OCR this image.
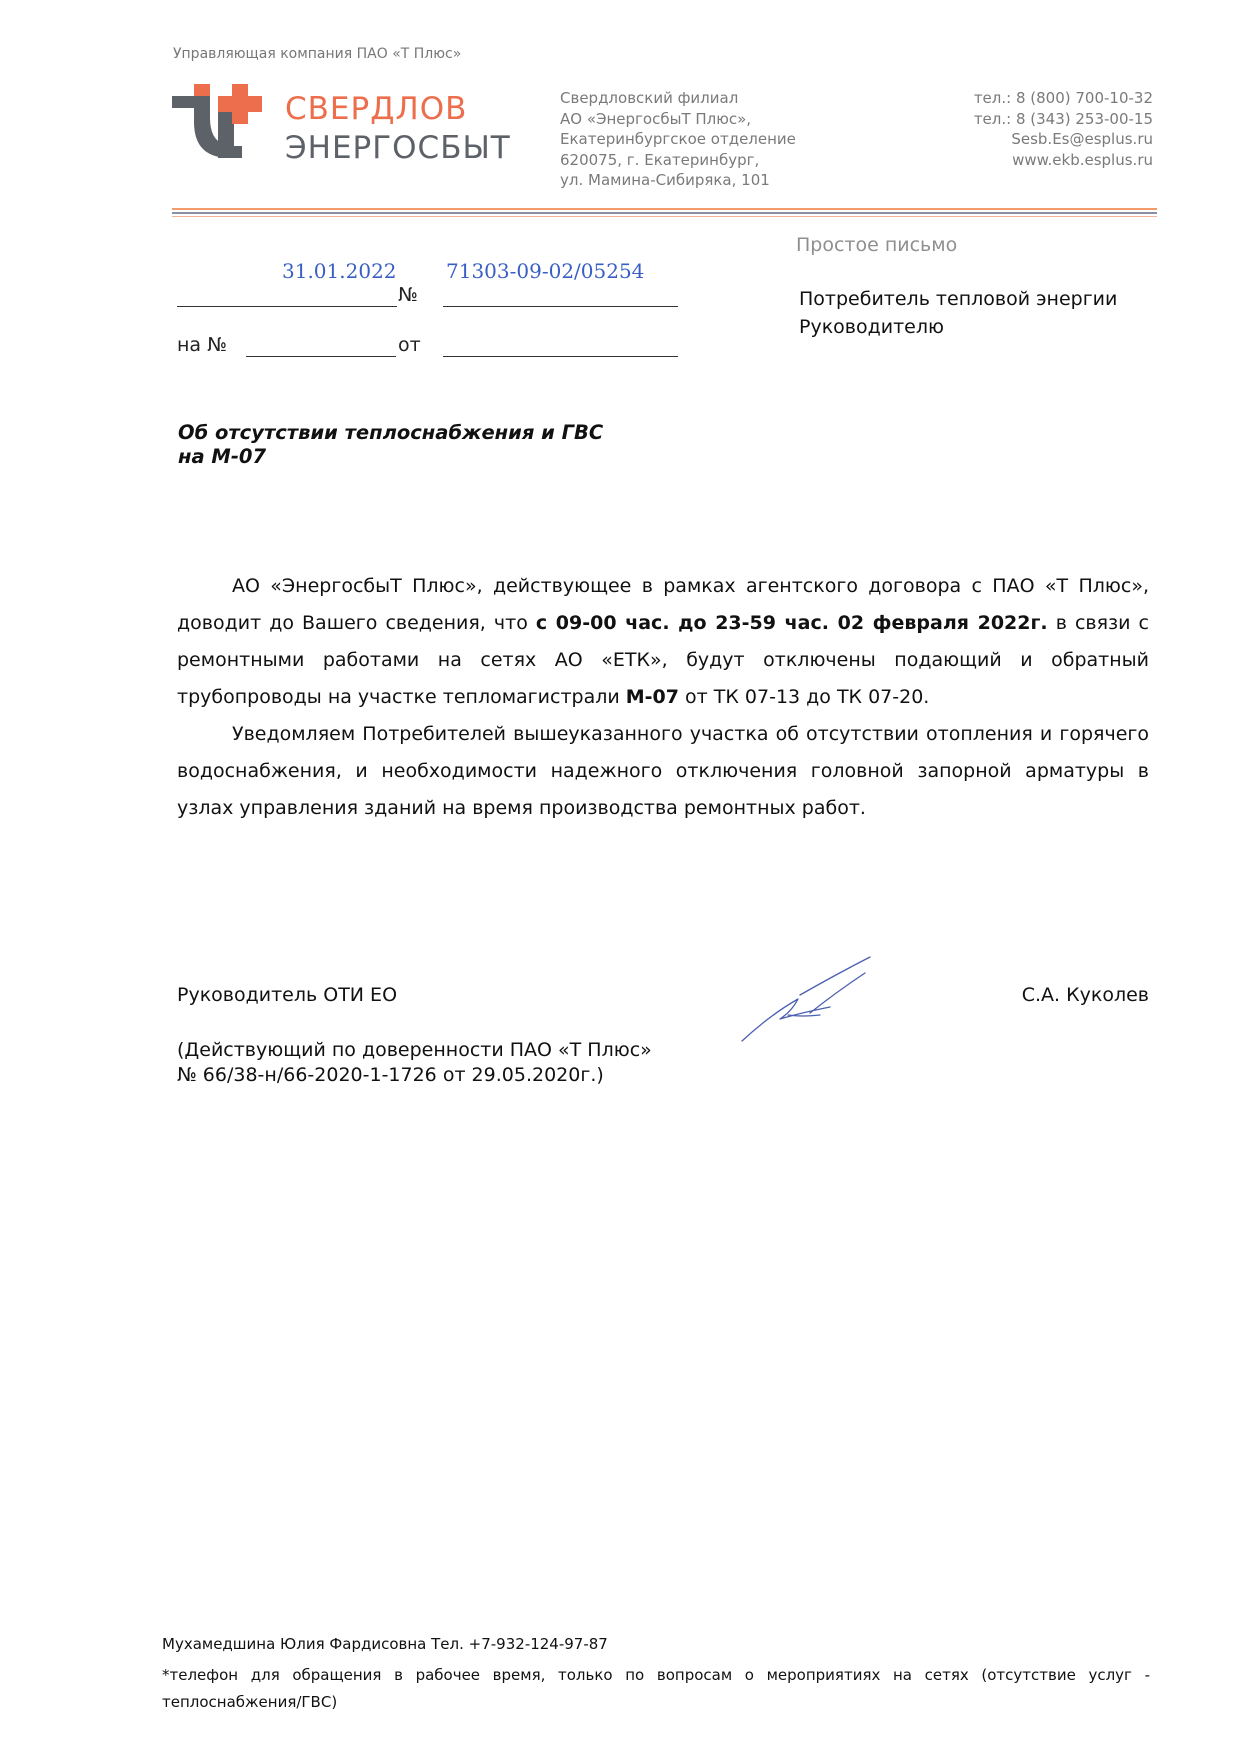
Управляющая компания ПАО «Т Плюс»
СВЕРДЛОВ
ЭНЕРГОСБЫТ
Свердловский филиал
АО «ЭнергосбыТ Плюс»,
Екатеринбургское отделение
620075, г. Екатеринбург,
ул. Мамина-Сибиряка, 101
тел.: 8 (800) 700-10-32
тел.: 8 (343) 253-00-15
Sesb.Es@esplus.ru
www.ekb.esplus.ru
Простое письмо
31.01.2022 71303-09-02/05254
№
на №	от
Потребитель тепловой энергии
Руководителю
Об отсутствии теплоснабжения и ГВС
на М-07

АО «ЭнергосбыТ Плюс», действующее в рамках агентского договора с ПАО «Т Плюс», доводит до Вашего сведения, что с 09-00 час. до 23-59 час. 02 февраля 2022г. в связи с ремонтными работами на сетях АО «ЕТК», будут отключены подающий и обратный трубопроводы на участке тепломагистрали М-07 от ТК 07-13 до ТК 07-20.

Уведомляем Потребителей вышеуказанного участка об отсутствии отопления и горячего водоснабжения, и необходимости надежного отключения головной запорной арматуры в узлах управления зданий на время производства ремонтных работ.

Руководитель ОТИ ЕО	С.А. Куколев
(Действующий по доверенности ПАО «Т Плюс»
№ 66/38-н/66-2020-1-1726 от 29.05.2020г.)
Мухамедшина Юлия Фардисовна Тел. +7-932-124-97-87
*телефон для обращения в рабочее время, только по вопросам о мероприятиях на сетях (отсутствие услуг - теплоснабжения/ГВС)
